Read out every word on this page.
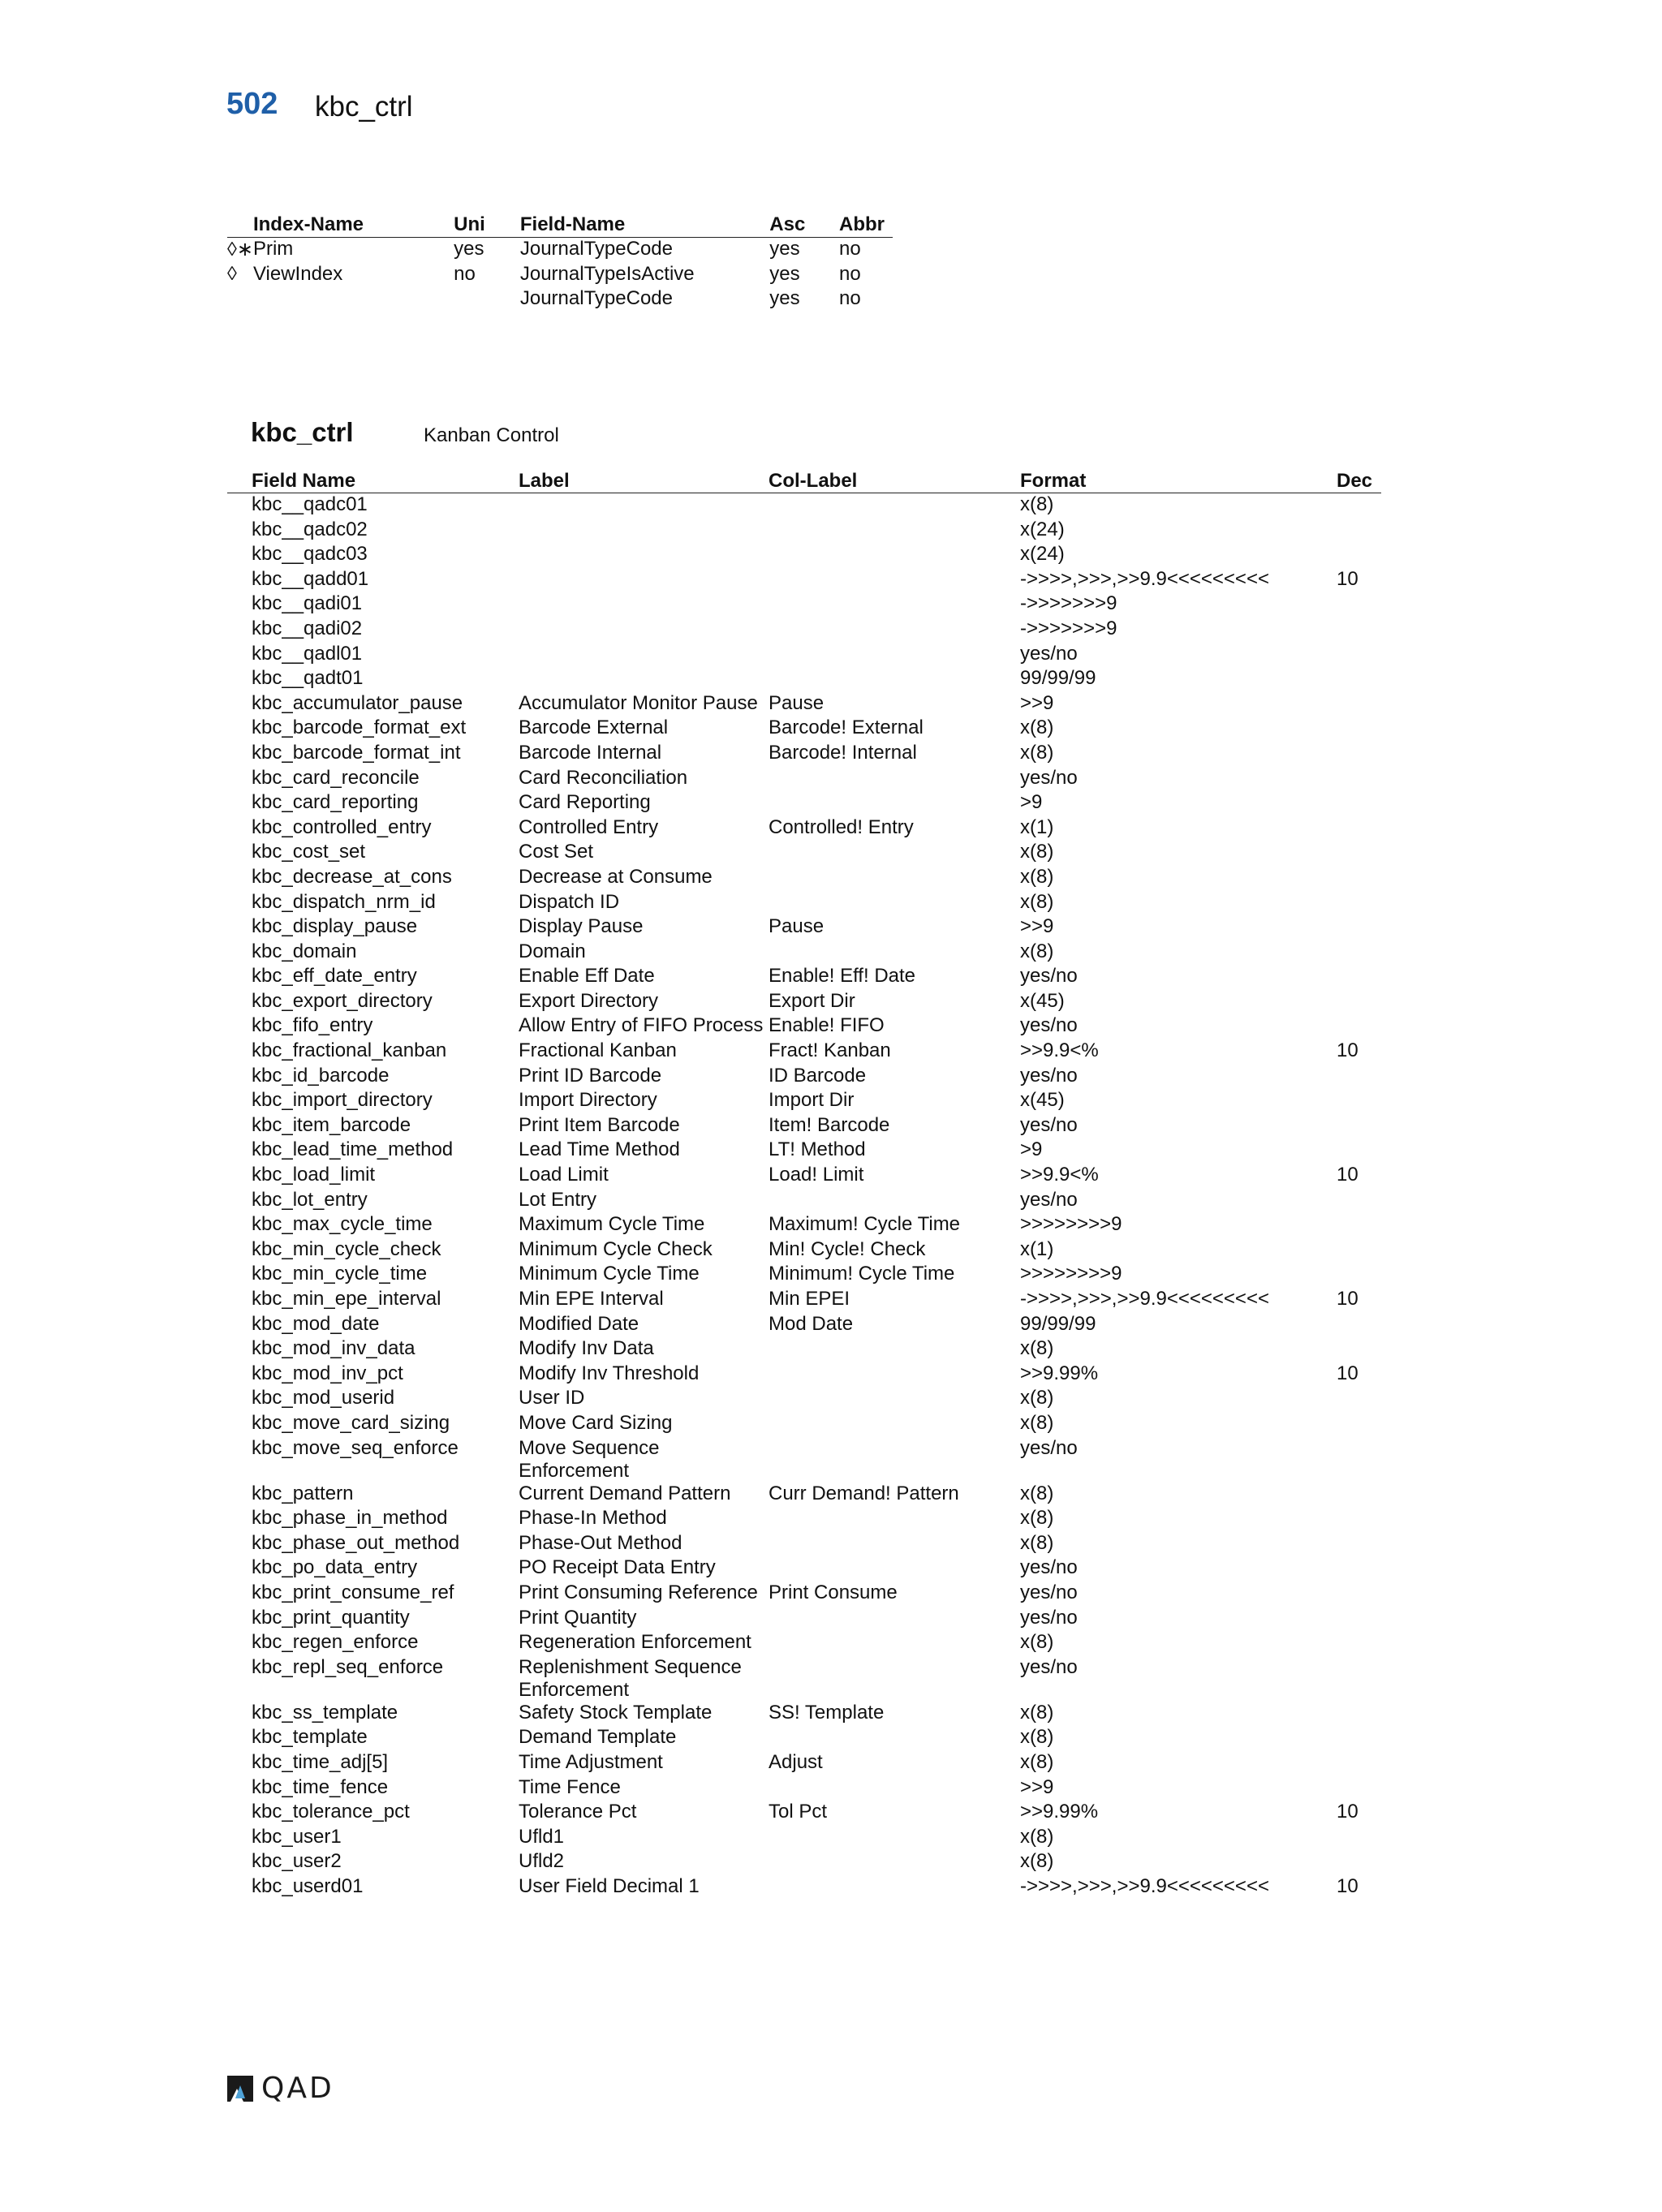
502 kbc_ctrl
	Index-Name	Uni	Field-Name	Asc	Abbr	
◊∗	Prim	yes	JournalTypeCode	yes	no	
◊	ViewIndex	no	JournalTypeIsActive	yes	no	
			JournalTypeCode	yes	no	
kbc_ctrl	Kanban Control
	Field Name	Label	Col-Label	Format	Dec
	kbc__qadc01			x(8)	
	kbc__qadc02			x(24)	
	kbc__qadc03			x(24)	
	kbc__qadd01			->>>>,>>>,>>9.9<<<<<<<<<	10
	kbc__qadi01			->>>>>>>9	
	kbc__qadi02			->>>>>>>9	
	kbc__qadl01			yes/no	
	kbc__qadt01			99/99/99	
	kbc_accumulator_pause	Accumulator Monitor Pause	Pause	>>9	
	kbc_barcode_format_ext	Barcode External	Barcode! External	x(8)	
	kbc_barcode_format_int	Barcode Internal	Barcode! Internal	x(8)	
	kbc_card_reconcile	Card Reconciliation		yes/no	
	kbc_card_reporting	Card Reporting		>9	
	kbc_controlled_entry	Controlled Entry	Controlled! Entry	x(1)	
	kbc_cost_set	Cost Set		x(8)	
	kbc_decrease_at_cons	Decrease at Consume		x(8)	
	kbc_dispatch_nrm_id	Dispatch ID		x(8)	
	kbc_display_pause	Display Pause	Pause	>>9	
	kbc_domain	Domain		x(8)	
	kbc_eff_date_entry	Enable Eff Date	Enable! Eff! Date	yes/no	
	kbc_export_directory	Export Directory	Export Dir	x(45)	
	kbc_fifo_entry	Allow Entry of FIFO Process	Enable! FIFO	yes/no	
	kbc_fractional_kanban	Fractional Kanban	Fract! Kanban	>>9.9<%	10
	kbc_id_barcode	Print ID Barcode	ID Barcode	yes/no	
	kbc_import_directory	Import Directory	Import Dir	x(45)	
	kbc_item_barcode	Print Item Barcode	Item! Barcode	yes/no	
	kbc_lead_time_method	Lead Time Method	LT! Method	>9	
	kbc_load_limit	Load Limit	Load! Limit	>>9.9<%	10
	kbc_lot_entry	Lot Entry		yes/no	
	kbc_max_cycle_time	Maximum Cycle Time	Maximum! Cycle Time	>>>>>>>>9	
	kbc_min_cycle_check	Minimum Cycle Check	Min! Cycle! Check	x(1)	
	kbc_min_cycle_time	Minimum Cycle Time	Minimum! Cycle Time	>>>>>>>>9	
	kbc_min_epe_interval	Min EPE Interval	Min EPEI	->>>>,>>>,>>9.9<<<<<<<<<	10
	kbc_mod_date	Modified Date	Mod Date	99/99/99	
	kbc_mod_inv_data	Modify Inv Data		x(8)	
	kbc_mod_inv_pct	Modify Inv Threshold		>>9.99%	10
	kbc_mod_userid	User ID		x(8)	
	kbc_move_card_sizing	Move Card Sizing		x(8)	
	kbc_move_seq_enforce	Move Sequence Enforcement		yes/no	
	kbc_pattern	Current Demand Pattern	Curr Demand! Pattern	x(8)	
	kbc_phase_in_method	Phase-In Method		x(8)	
	kbc_phase_out_method	Phase-Out Method		x(8)	
	kbc_po_data_entry	PO Receipt Data Entry		yes/no	
	kbc_print_consume_ref	Print Consuming Reference	Print Consume	yes/no	
	kbc_print_quantity	Print Quantity		yes/no	
	kbc_regen_enforce	Regeneration Enforcement		x(8)	
	kbc_repl_seq_enforce	Replenishment Sequence Enforcement		yes/no	
	kbc_ss_template	Safety Stock Template	SS! Template	x(8)	
	kbc_template	Demand Template		x(8)	
	kbc_time_adj[5]	Time Adjustment	Adjust	x(8)	
	kbc_time_fence	Time Fence		>>9	
	kbc_tolerance_pct	Tolerance Pct	Tol Pct	>>9.99%	10
	kbc_user1	Ufld1		x(8)	
	kbc_user2	Ufld2		x(8)	
	kbc_userd01	User Field Decimal 1		->>>>,>>>,>>9.9<<<<<<<<<	10
QAD
